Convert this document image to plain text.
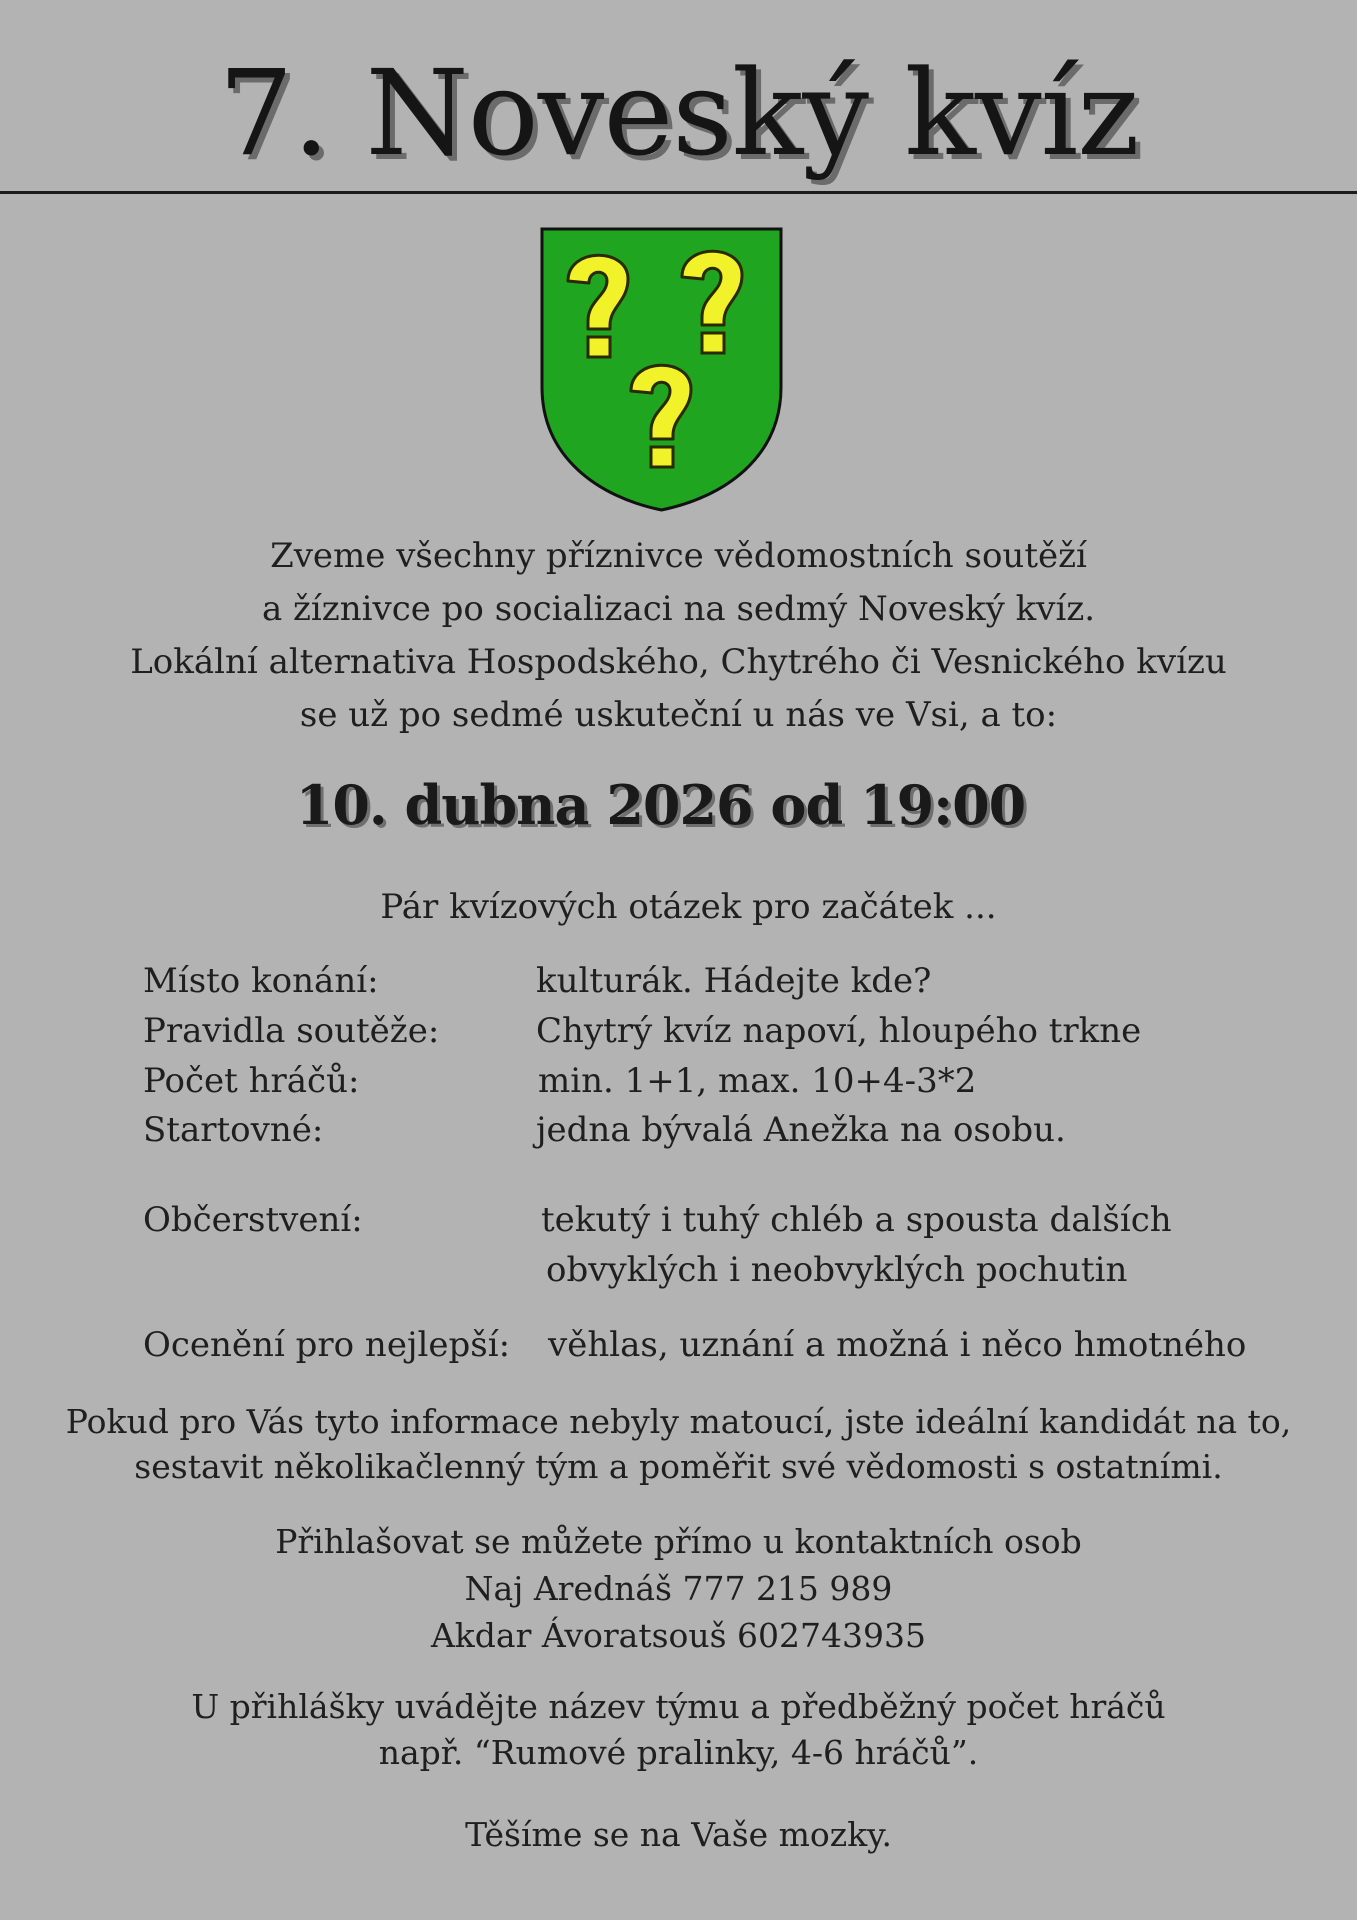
7. Noveský kvíz
Zveme všechny příznivce vědomostních soutěží
a žíznivce po socializaci na sedmý Noveský kvíz.
Lokální alternativa Hospodského, Chytrého či Vesnického kvízu
se už po sedmé uskuteční u nás ve Vsi, a to:
10. dubna 2026 od 19:00
Pár kvízových otázek pro začátek ...
Místo konání:	kulturák. Hádejte kde?
Pravidla soutěže:	Chytrý kvíz napoví, hloupého trkne
Počet hráčů:	min. 1+1, max. 10+4-3*2
Startovné:	jedna bývalá Anežka na osobu.
Občerstvení:	tekutý i tuhý chléb a spousta dalších
obvyklých i neobvyklých pochutin
Ocenění pro nejlepší: věhlas, uznání a možná i něco hmotného
Pokud pro Vás tyto informace nebyly matoucí, jste ideální kandidát na to,
sestavit několikačlenný tým a poměřit své vědomosti s ostatními.
Přihlašovat se můžete přímo u kontaktních osob
Naj Arednáš 777 215 989
Akdar Ávoratsouš 602743935
U přihlášky uvádějte název týmu a předběžný počet hráčů
např. “Rumové pralinky, 4-6 hráčů”.
Těšíme se na Vaše mozky.
